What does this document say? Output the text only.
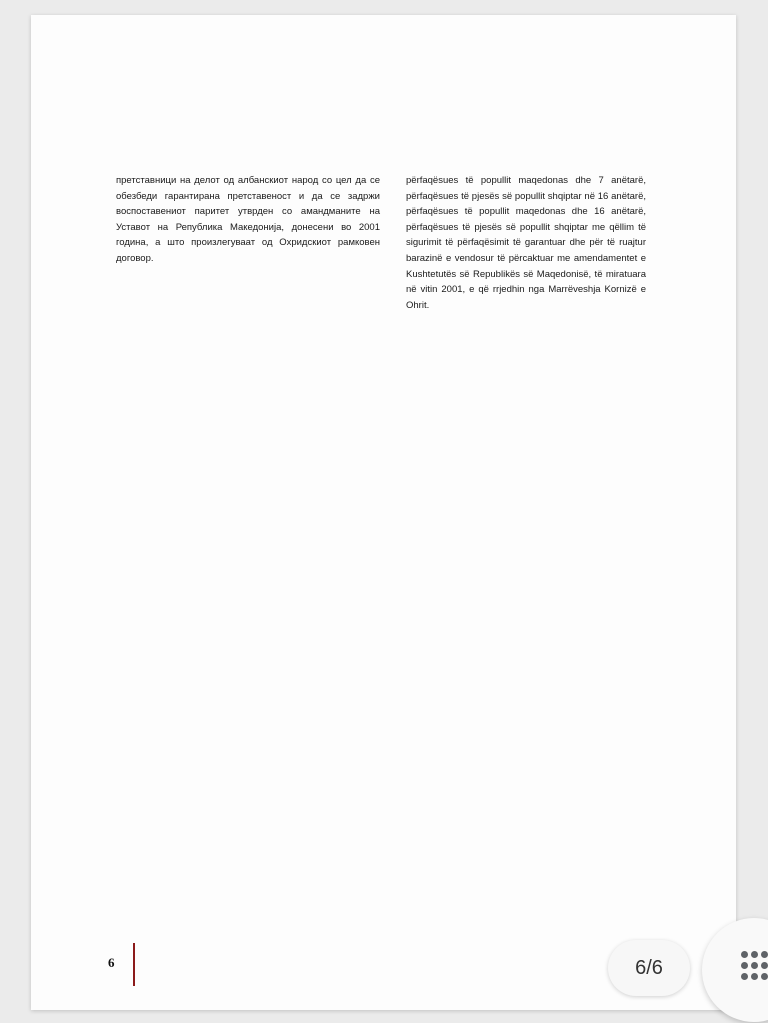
претставници на делот од албанскиот народ со цел да се обезбеди гарантирана претставеност и да се задржи воспоставениот паритет утврден со амандманите на Уставот на Република Македонија, донесени во 2001 година, а што произлегуваат од Охридскиот рамковен договор.
përfaqësues të popullit maqedonas dhe 7 anëtarë, përfaqësues të pjesës së popullit shqiptar në 16 anëtarë, përfaqësues të popullit maqedonas dhe 16 anëtarë, përfaqësues të pjesës së popullit shqiptar me qëllim të sigurimit të përfaqësimit të garantuar dhe për të ruajtur barazinë e vendosur të përcaktuar me amendamentet e Kushtetutës së Republikës së Maqedonisë, të miratuara në vitin 2001, e që rrjedhin nga Marrëveshja Kornizë e Ohrit.
6	6/6
